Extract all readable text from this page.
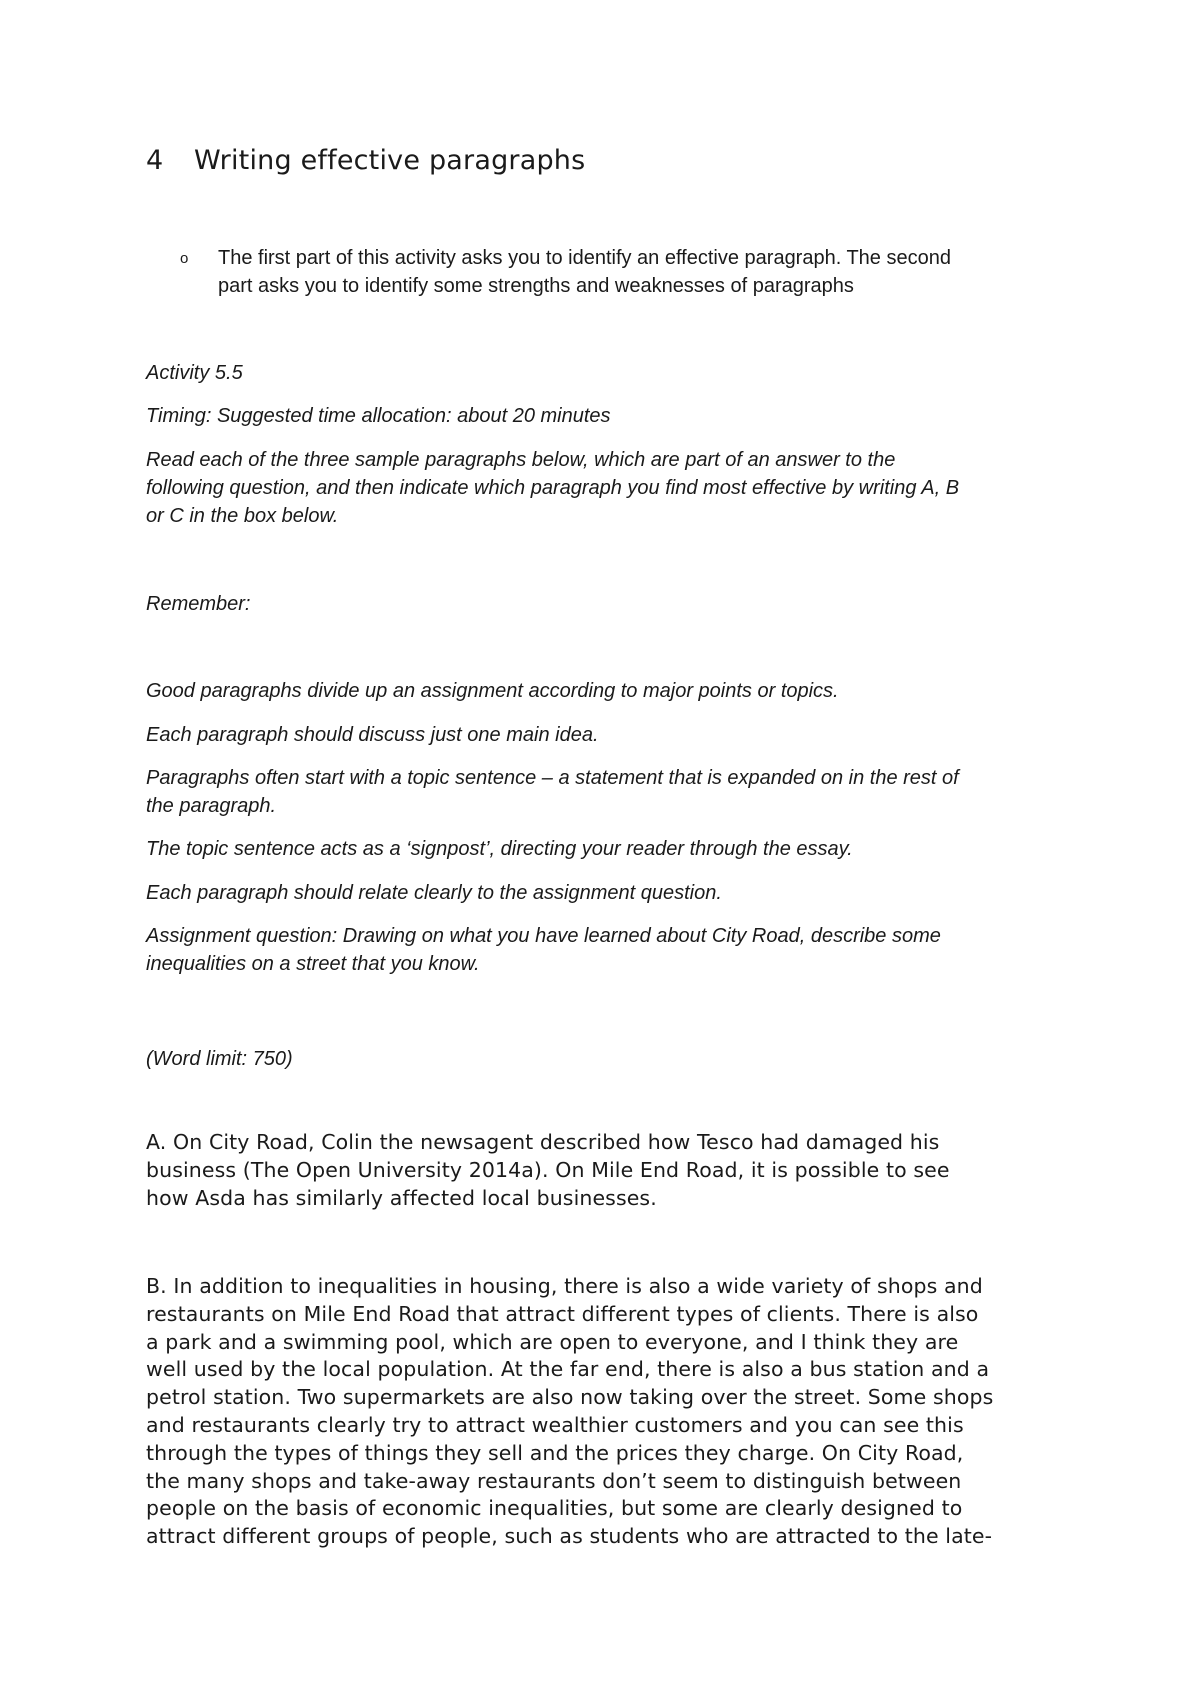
4 Writing effective paragraphs
o	The first part of this activity asks you to identify an effective paragraph. The second
part asks you to identify some strengths and weaknesses of paragraphs

Activity 5.5

Timing: Suggested time allocation: about 20 minutes

Read each of the three sample paragraphs below, which are part of an answer to the
following question, and then indicate which paragraph you find most effective by writing A, B
or C in the box below.

Remember:

Good paragraphs divide up an assignment according to major points or topics.
Each paragraph should discuss just one main idea.
Paragraphs often start with a topic sentence – a statement that is expanded on in the rest of
the paragraph.
The topic sentence acts as a ‘signpost’, directing your reader through the essay.
Each paragraph should relate clearly to the assignment question.
Assignment question: Drawing on what you have learned about City Road, describe some
inequalities on a street that you know.

(Word limit: 750)

A. On City Road, Colin the newsagent described how Tesco had damaged his
business (The Open University 2014a). On Mile End Road, it is possible to see
how Asda has similarly affected local businesses.
B. In addition to inequalities in housing, there is also a wide variety of shops and
restaurants on Mile End Road that attract different types of clients. There is also
a park and a swimming pool, which are open to everyone, and I think they are
well used by the local population. At the far end, there is also a bus station and a
petrol station. Two supermarkets are also now taking over the street. Some shops
and restaurants clearly try to attract wealthier customers and you can see this
through the types of things they sell and the prices they charge. On City Road,
the many shops and take-away restaurants don’t seem to distinguish between
people on the basis of economic inequalities, but some are clearly designed to
attract different groups of people, such as students who are attracted to the late-
